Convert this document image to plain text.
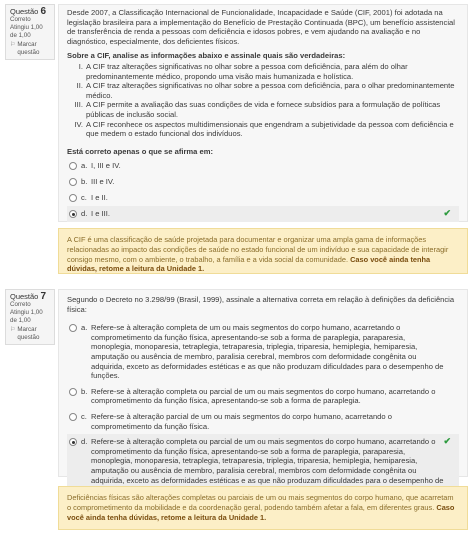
Questão 6
Correto
Atingiu 1,00 de 1,00
⚐ Marcar questão

Desde 2007, a Classificação Internacional de Funcionalidade, Incapacidade e Saúde (CIF, 2001) foi adotada na legislação brasileira para a implementação do Benefício de Prestação Continuada (BPC), um benefício assistencial de transferência de renda a pessoas com deficiência e idosos pobres, e vem ajudando na avaliação e no diagnóstico, especialmente, dos deficientes físicos.

Sobre a CIF, analise as informações abaixo e assinale quais são verdadeiras:

I. A CIF traz alterações significativas no olhar sobre a pessoa com deficiência, para além do olhar predominantemente médico, propondo uma visão mais humanizada e holística.
II. A CIF traz alterações significativas no olhar sobre a pessoa com deficiência, para o olhar predominantemente médico.
III. A CIF permite a avaliação das suas condições de vida e fornece subsídios para a formulação de políticas públicas de inclusão social.
IV. A CIF reconhece os aspectos multidimensionais que engendram a subjetividade da pessoa com deficiência e que medem o estado funcional dos indivíduos.

Está correto apenas o que se afirma em:

a. I, III e IV.
b. III e IV.
c. I e II.
d. I e III.	✔
A CIF é uma classificação de saúde projetada para documentar e organizar uma ampla gama de informações relacionadas ao impacto das condições de saúde no estado funcional de um indivíduo e sua capacidade de interagir consigo mesmo, com o ambiente, o trabalho, a família e a vida social da comunidade. Caso você ainda tenha dúvidas, retome a leitura da Unidade 1.
Questão 7
Correto
Atingiu 1,00 de 1,00
⚐ Marcar questão

Segundo o Decreto no 3.298/99 (Brasil, 1999), assinale a alternativa correta em relação à definições da deficiência física:

a. Refere-se à alteração completa de um ou mais segmentos do corpo humano, acarretando o comprometimento da função física, apresentando-se sob a forma de paraplegia, paraparesia, monoplegia, monoparesia, tetraplegia, tetraparesia, triplegia, triparesia, hemiplegia, hemiparesia, amputação ou ausência de membro, paralisia cerebral, membros com deformidade congênita ou adquirida, exceto as deformidades estéticas e as que não produzam dificuldades para o desempenho de funções.
b. Refere-se à alteração completa ou parcial de um ou mais segmentos do corpo humano, acarretando o comprometimento da função física, apresentando-se sob a forma de paraplegia.
c. Refere-se à alteração parcial de um ou mais segmentos do corpo humano, acarretando o comprometimento da função física.
d. Refere-se à alteração completa ou parcial de um ou mais segmentos do corpo humano, acarretando o comprometimento da função física, apresentando-se sob a forma de paraplegia, paraparesia, monoplegia, monoparesia, tetraplegia, tetraparesia, triplegia, triparesia, hemiplegia, hemiparesia, amputação ou ausência de membro, paralisia cerebral, membros com deformidade congênita ou adquirida, exceto as deformidades estéticas e as que não produzam dificuldades para o desempenho de
✔
Deficiências físicas são alterações completas ou parciais de um ou mais segmentos do corpo humano, que acarretam o comprometimento da mobilidade e da coordenação geral, podendo também afetar a fala, em diferentes graus. Caso você ainda tenha dúvidas, retome a leitura da Unidade 1.
